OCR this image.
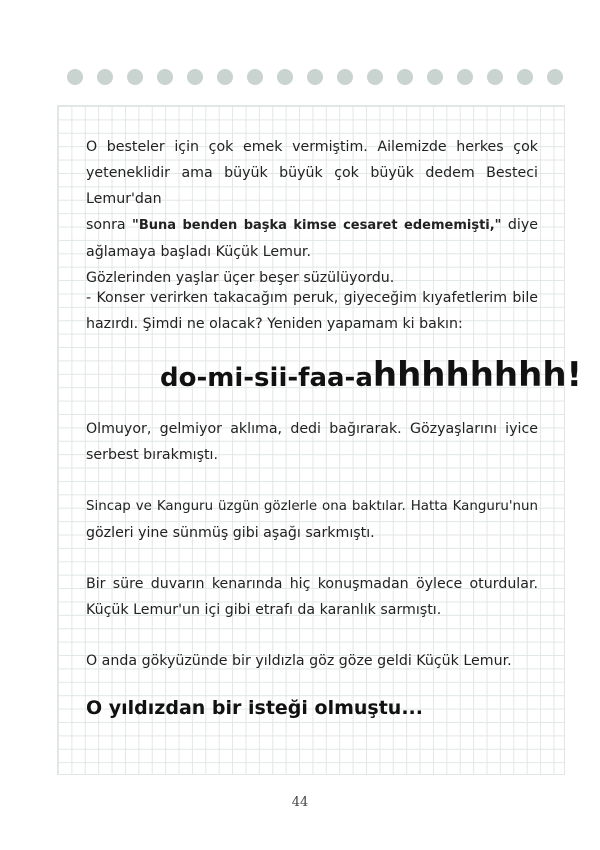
O besteler için çok emek vermiştim. Ailemizde herkes çok
yeteneklidir ama büyük büyük çok büyük dedem Besteci Lemur'dan
sonra "Buna benden başka kimse cesaret edememişti," diye
ağlamaya başladı Küçük Lemur.
Gözlerinden yaşlar üçer beşer süzülüyordu.
- Konser verirken takacağım peruk, giyeceğim kıyafetlerim bile
hazırdı. Şimdi ne olacak? Yeniden yapamam ki bakın:
do-mi-sii-faa-ahhhhhhhh!
Olmuyor, gelmiyor aklıma, dedi bağırarak. Gözyaşlarını iyice
serbest bırakmıştı.
Sincap ve Kanguru üzgün gözlerle ona baktılar. Hatta Kanguru'nun
gözleri yine sünmüş gibi aşağı sarkmıştı.
Bir süre duvarın kenarında hiç konuşmadan öylece oturdular.
Küçük Lemur'un içi gibi etrafı da karanlık sarmıştı.
O anda gökyüzünde bir yıldızla göz göze geldi Küçük Lemur.
O yıldızdan bir isteği olmuştu...
44
